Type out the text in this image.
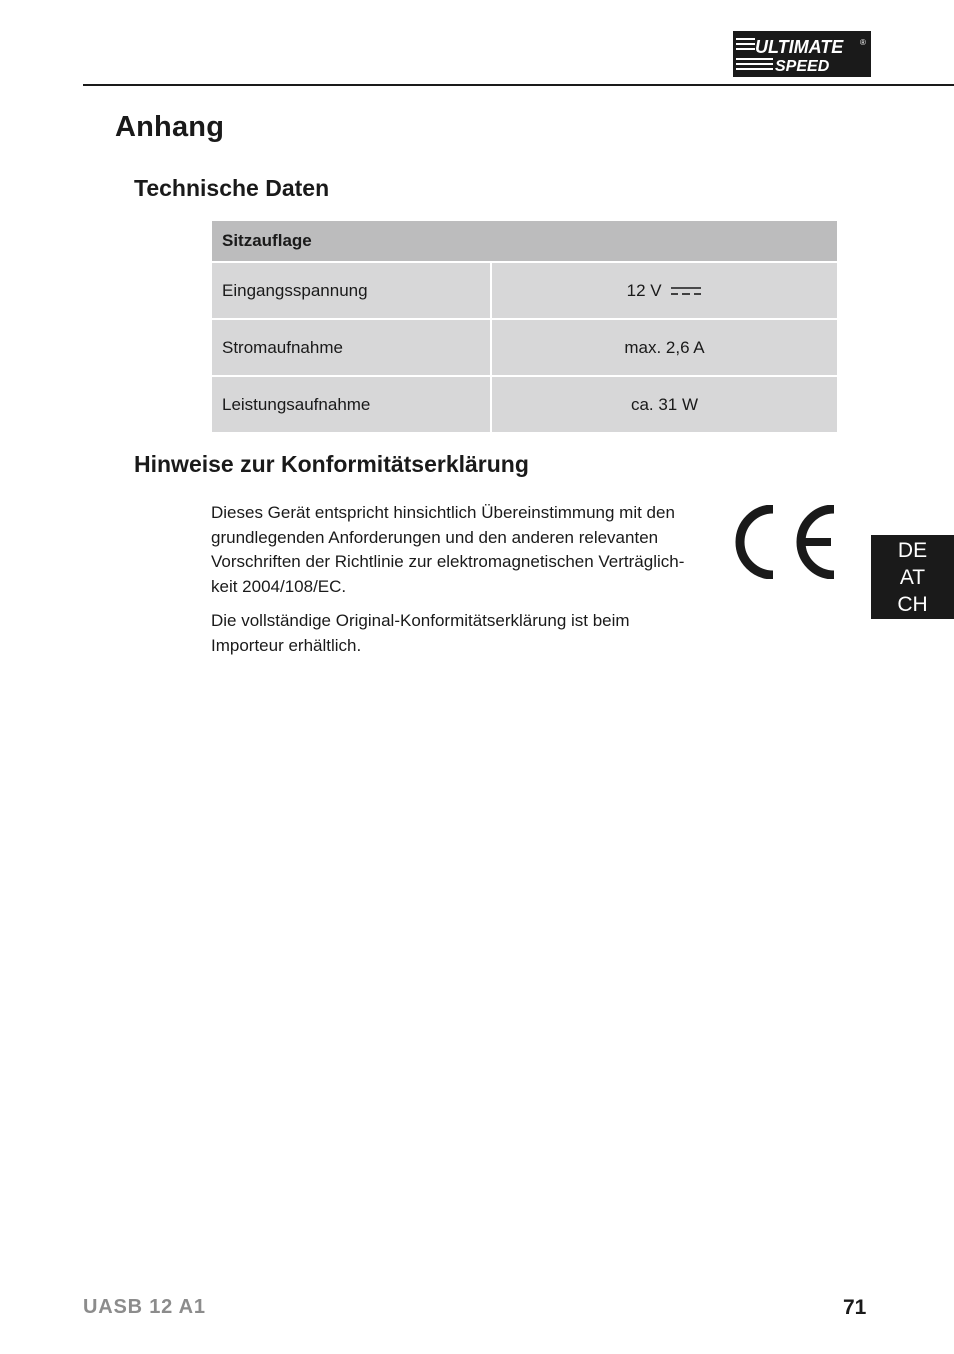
ULTIMATE
SPEED
®
Anhang
Technische Daten
Sitzauflage	
Eingangsspannung	12 V
Stromaufnahme	max. 2,6 A
Leistungsaufnahme	ca. 31 W
Hinweise zur Konformitätserklärung

Dieses Gerät entspricht hinsichtlich Übereinstimmung mit den grundlegenden Anforderungen und den anderen relevanten Vorschriften der Richtlinie zur elektromagnetischen Verträglich-keit 2004/108/EC.

Die vollständige Original-Konformitätserklärung ist beim Importeur erhältlich.

DE
AT
CH
UASB 12 A1	71
